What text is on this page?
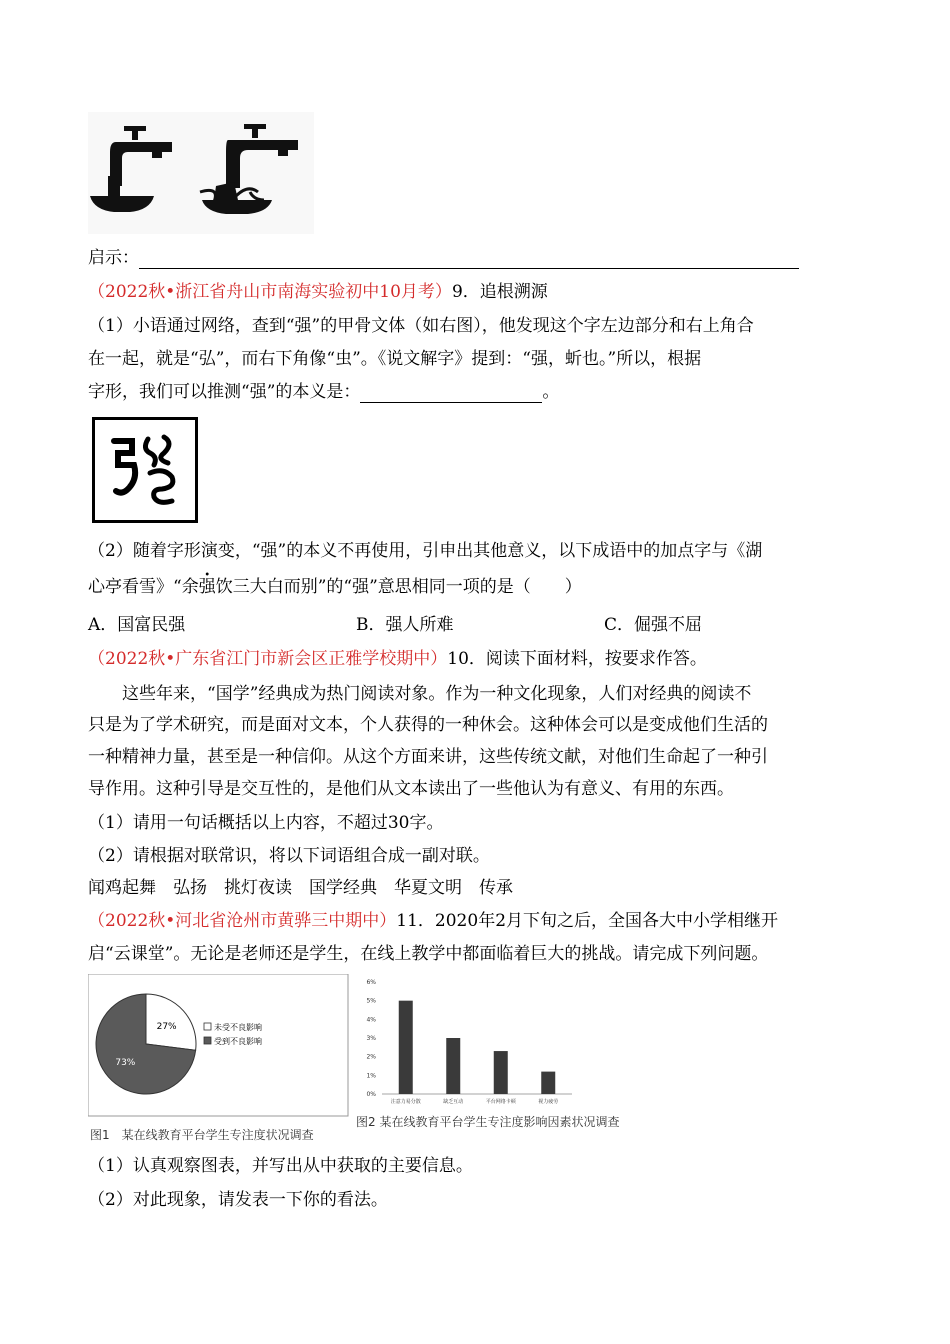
启示：
（2022秋•浙江省舟山市南海实验初中10月考）9．追根溯源
（1）小语通过网络，查到“强”的甲骨文体（如右图），他发现这个字左边部分和右上角合
在一起，就是“弘”，而右下角像“虫”。《说文解字》提到：“强，蚚也。”所以，根据
字形，我们可以推测“强”的本义是：	。
（2）随着字形演变，“强”的本义不再使用，引申出其他意义，以下成语中的加点字与《湖
心亭看雪》“余强饮三大白而别”的“强”意思相同一项的是（　　）
A．国富民强	B．强人所难	C．倔强不屈
（2022秋•广东省江门市新会区正雅学校期中）10．阅读下面材料，按要求作答。
这些年来，“国学”经典成为热门阅读对象。作为一种文化现象，人们对经典的阅读不
只是为了学术研究，而是面对文本，个人获得的一种休会。这种体会可以是变成他们生活的
一种精神力量，甚至是一种信仰。从这个方面来讲，这些传统文献，对他们生命起了一种引
导作用。这种引导是交互性的，是他们从文本读出了一些他认为有意义、有用的东西。
（1）请用一句话概括以上内容，不超过30字。
（2）请根据对联常识，将以下词语组合成一副对联。
闻鸡起舞　弘扬　挑灯夜读　国学经典　华夏文明　传承
（2022秋•河北省沧州市黄骅三中期中）11．2020年2月下旬之后，全国各大中小学相继开
启“云课堂”。无论是老师还是学生，在线上教学中都面临着巨大的挑战。请完成下列问题。
27%
73%
未受不良影响
受到不良影响
图1　某在线教育平台学生专注度状况调查
0%
1%
2%
3%
4%
5%
6%
注意力易分散	缺乏互动	平台网络卡顿	视力疲劳
图2 某在线教育平台学生专注度影响因素状况调查
（1）认真观察图表，并写出从中获取的主要信息。
（2）对此现象，请发表一下你的看法。
